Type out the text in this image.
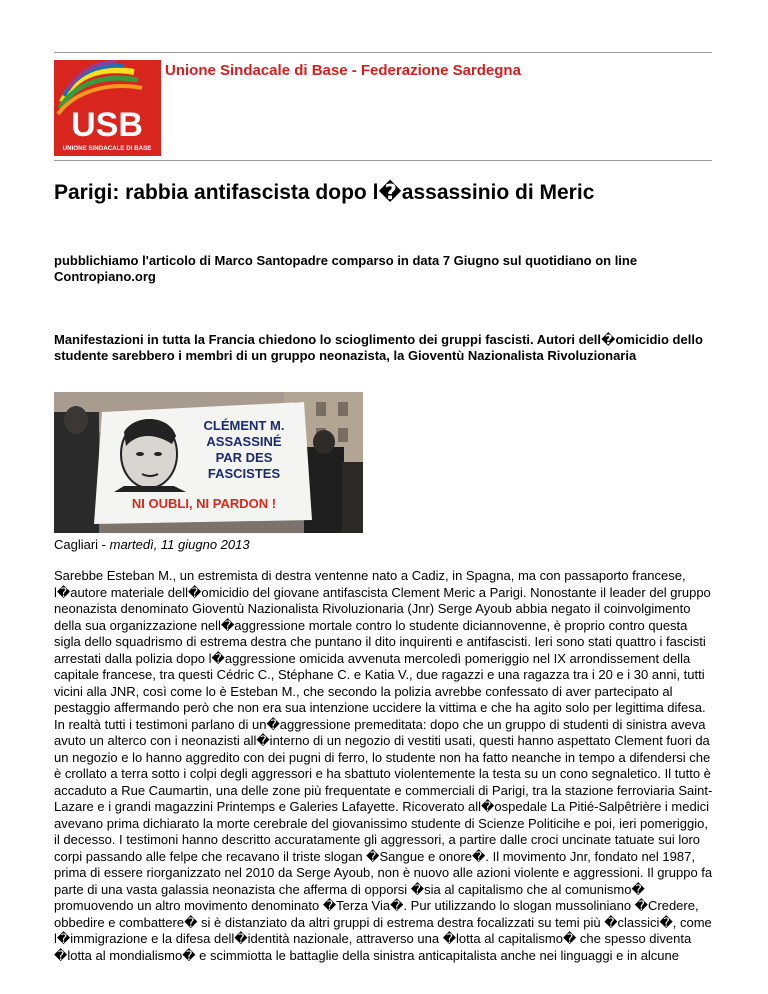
USB
UNIONE SINDACALE DI BASE
Unione Sindacale di Base - Federazione Sardegna
Parigi: rabbia antifascista dopo l�assassinio di Meric
pubblichiamo l'articolo di Marco Santopadre comparso in data 7 Giugno sul quotidiano on line Contropiano.org
Manifestazioni in tutta la Francia chiedono lo scioglimento dei gruppi fascisti. Autori dell�omicidio dello studente sarebbero i membri di un gruppo neonazista, la Gioventù Nazionalista Rivoluzionaria
CLÉMENT M.
ASSASSINÉ
PAR DES
FASCISTES
NI OUBLI, NI PARDON !
Cagliari - martedì, 11 giugno 2013
Sarebbe Esteban M., un estremista di destra ventenne nato a Cadiz, in Spagna, ma con passaporto francese, l�autore materiale dell�omicidio del giovane antifascista Clement Meric a Parigi. Nonostante il leader del gruppo neonazista denominato Gioventù Nazionalista Rivoluzionaria (Jnr) Serge Ayoub abbia negato il coinvolgimento della sua organizzazione nell�aggressione mortale contro lo studente diciannovenne, è proprio contro questa sigla dello squadrismo di estrema destra che puntano il dito inquirenti e antifascisti. Ieri sono stati quattro i fascisti arrestati dalla polizia dopo l�aggressione omicida avvenuta mercoledì pomeriggio nel IX arrondissement della capitale francese, tra questi Cédric C., Stéphane C. e Katia V., due ragazzi e una ragazza tra i 20 e i 30 anni, tutti vicini alla JNR, così come lo è Esteban M., che secondo la polizia avrebbe confessato di aver partecipato al pestaggio affermando però che non era sua intenzione uccidere la vittima e che ha agito solo per legittima difesa. In realtà tutti i testimoni parlano di un�aggressione premeditata: dopo che un gruppo di studenti di sinistra aveva avuto un alterco con i neonazisti all�interno di un negozio di vestiti usati, questi hanno aspettato Clement fuori da un negozio e lo hanno aggredito con dei pugni di ferro, lo studente non ha fatto neanche in tempo a difendersi che è crollato a terra sotto i colpi degli aggressori e ha sbattuto violentemente la testa su un cono segnaletico. Il tutto è accaduto a Rue Caumartin, una delle zone più frequentate e commerciali di Parigi, tra la stazione ferroviaria Saint-Lazare e i grandi magazzini Printemps e Galeries Lafayette. Ricoverato all�ospedale La Pitié-Salpêtrière i medici avevano prima dichiarato la morte cerebrale del giovanissimo studente di Scienze Politicihe e poi, ieri pomeriggio, il decesso. I testimoni hanno descritto accuratamente gli aggressori, a partire dalle croci uncinate tatuate sui loro corpi passando alle felpe che recavano il triste slogan �Sangue e onore�. Il movimento Jnr, fondato nel 1987, prima di essere riorganizzato nel 2010 da Serge Ayoub, non è nuovo alle azioni violente e aggressioni. Il gruppo fa parte di una vasta galassia neonazista che afferma di opporsi �sia al capitalismo che al comunismo� promuovendo un altro movimento denominato �Terza Via�. Pur utilizzando lo slogan mussoliniano �Credere, obbedire e combattere� si è distanziato da altri gruppi di estrema destra focalizzati su temi più �classici�, come l�immigrazione e la difesa dell�identità nazionale, attraverso una �lotta al capitalismo� che spesso diventa �lotta al mondialismo� e scimmiotta le battaglie della sinistra anticapitalista anche nei linguaggi e in alcune
